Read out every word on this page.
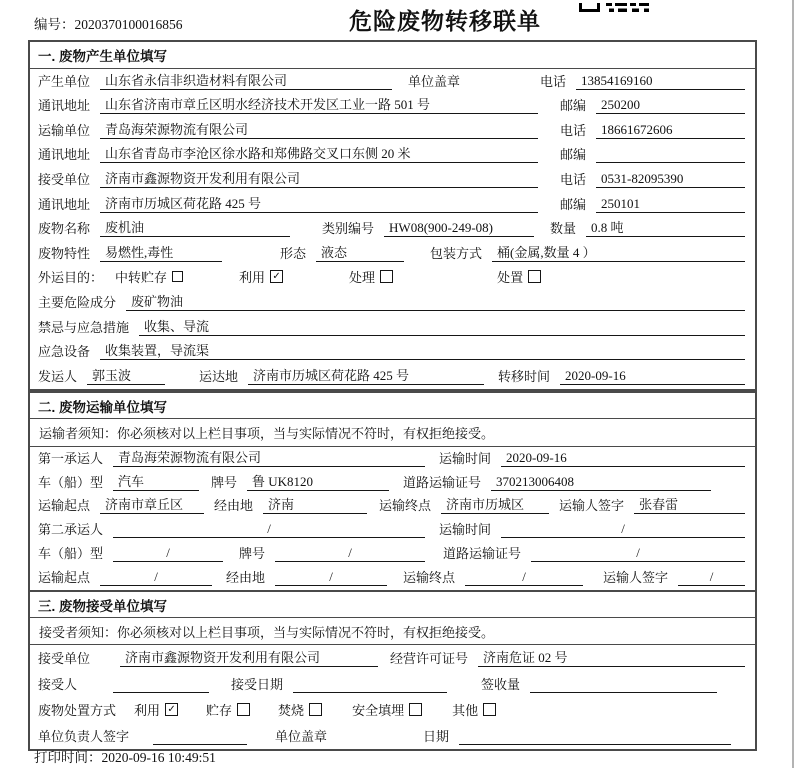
编号：2020370100016856	危险废物转移联单
一. 废物产生单位填写
产生单位	山东省永信非织造材料有限公司	单位盖章	电话	13854169160
通讯地址	山东省济南市章丘区明水经济技术开发区工业一路 501 号	邮编	250200
运输单位	青岛海荣源物流有限公司	电话	18661672606
通讯地址	山东省青岛市李沧区徐水路和郑佛路交叉口东侧 20 米	邮编
接受单位	济南市鑫源物资开发利用有限公司	电话	0531-82095390
通讯地址	济南市历城区荷花路 425 号	邮编	250101
废物名称	废机油	类别编号	HW08(900-249-08)	数量	0.8 吨
废物特性	易燃性,毒性	形态	液态	包装方式	桶(金属,数量 4 ）
外运目的： 中转贮存	利用 ✓	处理	处置
主要危险成分	废矿物油
禁忌与应急措施	收集、导流
应急设备	收集装置，导流渠
发运人	郭玉波	运达地	济南市历城区荷花路 425 号	转移时间	2020-09-16
二. 废物运输单位填写
运输者须知：你必须核对以上栏目事项，当与实际情况不符时，有权拒绝接受。
第一承运人	青岛海荣源物流有限公司	运输时间	2020-09-16
车（船）型	汽车	牌号	鲁 UK8120	道路运输证号	370213006408
运输起点	济南市章丘区	经由地	济南	运输终点	济南市历城区	运输人签字	张春雷
第二承运人	/	运输时间	/
车（船）型	/	牌号	/	道路运输证号	/
运输起点	/	经由地	/	运输终点	/	运输人签字	/
三. 废物接受单位填写
接受者须知：你必须核对以上栏目事项，当与实际情况不符时，有权拒绝接受。
接受单位	济南市鑫源物资开发利用有限公司	经营许可证号	济南危证 02 号
接受人	接受日期	签收量
废物处置方式 利用 ✓ 贮存	焚烧	安全填埋	其他
单位负责人签字	单位盖章	日期
打印时间：2020-09-16 10:49:51
